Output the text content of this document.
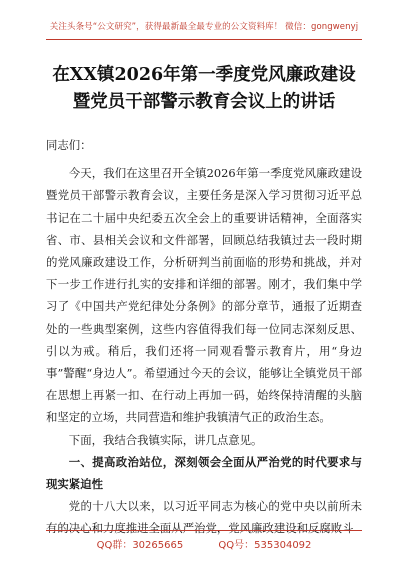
关注头条号“公文研究”，获得最新最全最专业的公文资料库！ 微信：gongwenyj
在XX镇2026年第一季度党风廉政建设
暨党员干部警示教育会议上的讲话

同志们：

今天，我们在这里召开全镇2026年第一季度党风廉政建设暨党员干部警示教育会议，主要任务是深入学习贯彻习近平总书记在二十届中央纪委五次全会上的重要讲话精神，全面落实省、市、县相关会议和文件部署，回顾总结我镇过去一段时期的党风廉政建设工作，分析研判当前面临的形势和挑战，并对下一步工作进行扎实的安排和详细的部署。刚才，我们集中学习了《中国共产党纪律处分条例》的部分章节，通报了近期查处的一些典型案例，这些内容值得我们每一位同志深刻反思、引以为戒。稍后，我们还将一同观看警示教育片，用“身边事”警醒“身边人”。希望通过今天的会议，能够让全镇党员干部在思想上再紧一扣、在行动上再加一码，始终保持清醒的头脑和坚定的立场，共同营造和维护我镇清气正的政治生态。

下面，我结合我镇实际，讲几点意见。

一、提高政治站位，深刻领会全面从严治党的时代要求与现实紧迫性

党的十八大以来，以习近平同志为核心的党中央以前所未有的决心和力度推进全面从严治党，党风廉政建设和反腐败斗

QQ群：30265665	QQ号：535304092
